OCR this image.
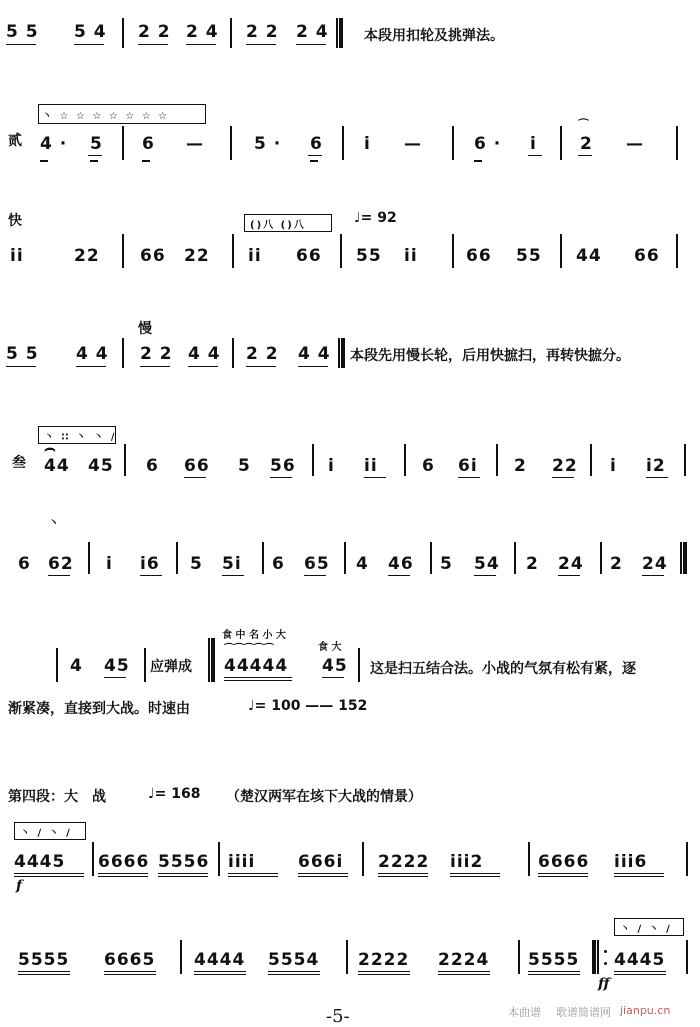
5 5 5 4 2 2 2 4 2 2 2 4	本段用扣轮及挑弹法。
丶 ☆ ☆ ☆ ☆ ☆ ☆ ☆
贰 4 · 5 6 —	5 · 6 i —	6 · i
⌒
2 —
快	()八 ()八	♩= 92
ii	22 66 22 ii 66 55 ii	66 55 44 66
慢
5 5 4 4 2 2 4 4 2 2 4 4 本段先用慢长轮，后用快摭扫，再转快摭分。
丶 ∷ 丶 丶 ∕
叁
⌢
44 45 6 66 5 56 i ii	6 6i 2 22 i i2
丶
6 62 i i6 5 5i 6 65 4 46 5 54 2 24 2 24
4 45 应弹成
食 中 名 小 大
⌒⌒⌒⌒⌒
44444
食 大
45 这是扫五结合法。小战的气氛有松有紧，逐
渐紧凑，直接到大战。时速由	♩= 100 —— 152
第四段：大　战	♩= 168 （楚汉两军在垓下大战的情景）
丶 ∕ 丶 ∕
4445
f
6666 5556 iiii	666i 2222 iii2	6666 iii6
丶 ∕ 丶 ∕
5555 6665 4444 5554 2222 2224 5555 4445
ff
-5-	本曲谱 歌谱简谱网 jianpu.cn
